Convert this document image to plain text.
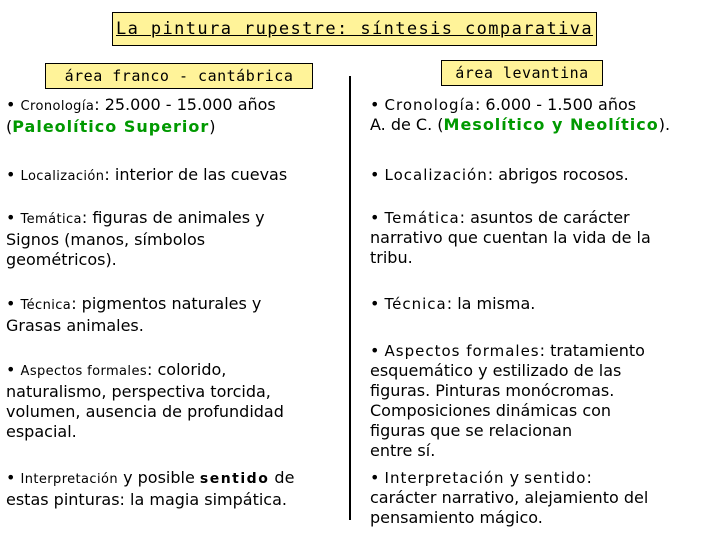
La pintura rupestre: síntesis comparativa
área franco - cantábrica	área levantina
• Cronología: 25.000 - 15.000 años
(Paleolítico Superior)
• Localización: interior de las cuevas
• Temática: figuras de animales y
Signos (manos, símbolos
geométricos).
• Técnica: pigmentos naturales y
Grasas animales.
• Aspectos formales: colorido,
naturalismo, perspectiva torcida,
volumen, ausencia de profundidad
espacial.
• Interpretación y posible sentido de
estas pinturas: la magia simpática.
• Cronología: 6.000 - 1.500 años
A. de C. (Mesolítico y Neolítico).
• Localización: abrigos rocosos.
• Temática: asuntos de carácter
narrativo que cuentan la vida de la
tribu.
• Técnica: la misma.
• Aspectos formales: tratamiento
esquemático y estilizado de las
figuras. Pinturas monócromas.
Composiciones dinámicas con
figuras que se relacionan
entre sí.
• Interpretación y sentido:
carácter narrativo, alejamiento del
pensamiento mágico.
